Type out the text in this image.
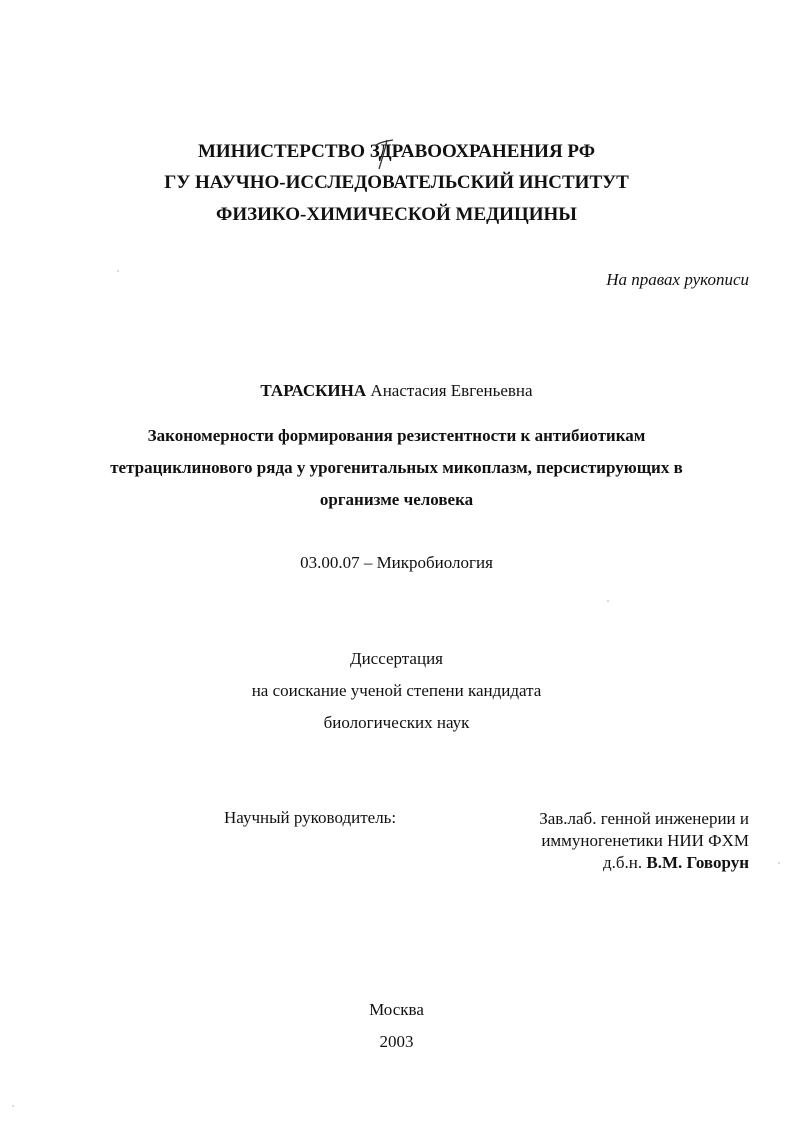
МИНИСТЕРСТВО ЗДРАВООХРАНЕНИЯ РФ
ГУ НАУЧНО-ИССЛЕДОВАТЕЛЬСКИЙ ИНСТИТУТ
ФИЗИКО-ХИМИЧЕСКОЙ МЕДИЦИНЫ
На правах рукописи
ТАРАСКИНА Анастасия Евгеньевна
Закономерности формирования резистентности к антибиотикам
тетрациклинового ряда у урогенитальных микоплазм, персистирующих в
организме человека
03.00.07 – Микробиология
Диссертация
на соискание ученой степени кандидата
биологических наук
Научный руководитель:	Зав.лаб. генной инженерии и
иммуногенетики НИИ ФХМ
д.б.н. В.М. Говорун
Москва
2003
